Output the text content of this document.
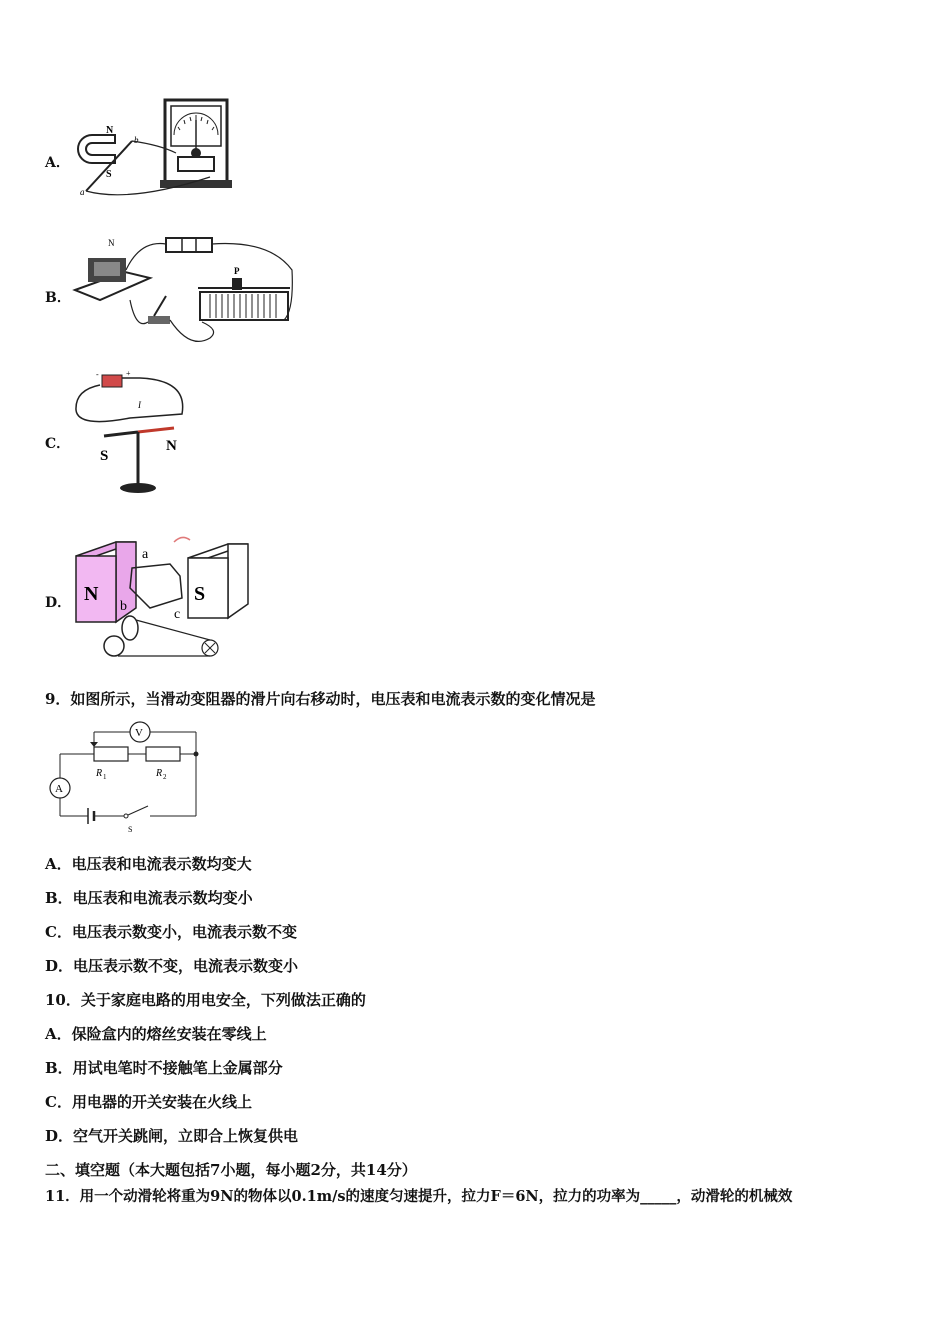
A．
N
S
a
b
B．
N
P
C．
-	+
I
S
N
D． N	S
a
b
c
9．如图所示，当滑动变阻器的滑片向右移动时，电压表和电流表示数的变化情况是
V
R 1	R 2
A
S
A．电压表和电流表示数均变大
B．电压表和电流表示数均变小
C．电压表示数变小，电流表示数不变
D．电压表示数不变，电流表示数变小
10．关于家庭电路的用电安全，下列做法正确的
A．保险盒内的熔丝安装在零线上
B．用试电笔时不接触笔上金属部分
C．用电器的开关安装在火线上
D．空气开关跳闸，立即合上恢复供电
二、填空题（本大题包括7小题，每小题2分，共14分）
11．用一个动滑轮将重为9N的物体以0.1m/s的速度匀速提升，拉力F＝6N，拉力的功率为_____，动滑轮的机械效
